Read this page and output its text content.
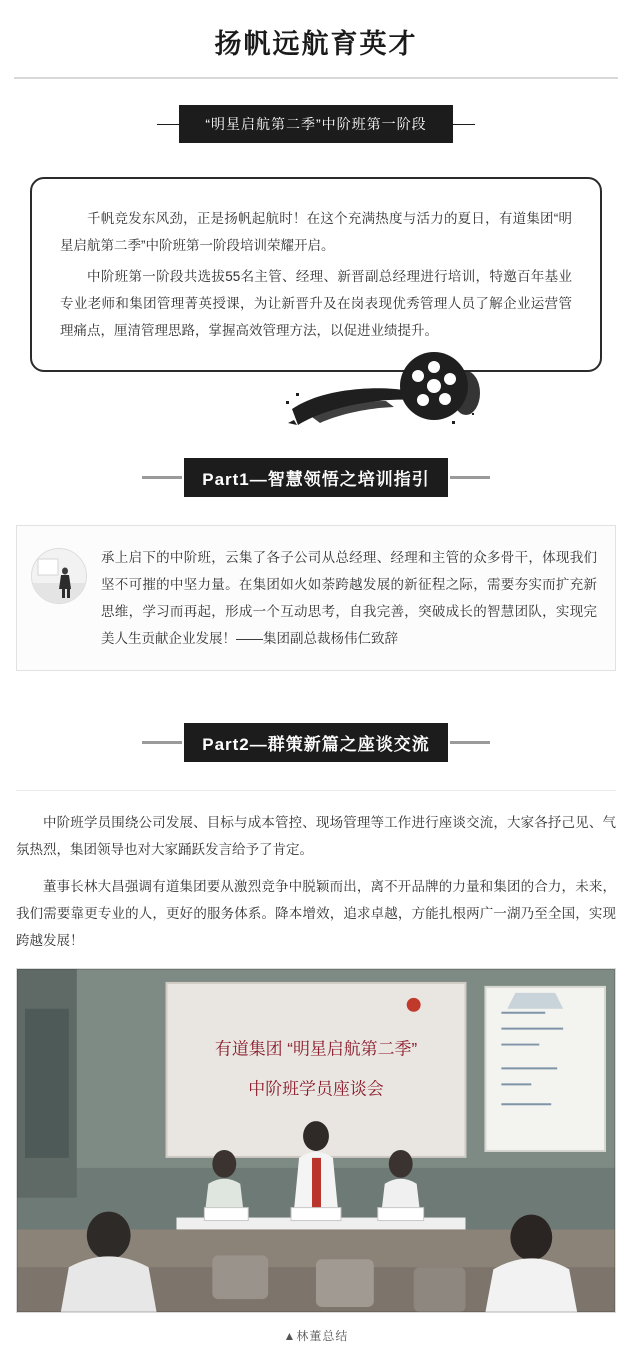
扬帆远航育英才
“明星启航第二季”中阶班第一阶段

千帆竞发东风劲，正是扬帆起航时！在这个充满热度与活力的夏日，有道集团“明星启航第二季”中阶班第一阶段培训荣耀开启。

中阶班第一阶段共选拔55名主管、经理、新晋副总经理进行培训，特邀百年基业专业老师和集团管理菁英授课，为让新晋升及在岗表现优秀管理人员了解企业运营管理痛点，厘清管理思路，掌握高效管理方法，以促进业绩提升。

Part1—智慧领悟之培训指引
承上启下的中阶班，云集了各子公司从总经理、经理和主管的众多骨干，体现我们坚不可摧的中坚力量。在集团如火如荼跨越发展的新征程之际，需要夯实而扩充新思维，学习而再起，形成一个互动思考，自我完善，突破成长的智慧团队，实现完美人生贡献企业发展！——集团副总裁杨伟仁致辞
Part2—群策新篇之座谈交流

中阶班学员围绕公司发展、目标与成本管控、现场管理等工作进行座谈交流，大家各抒己见、气氛热烈，集团领导也对大家踊跃发言给予了肯定。

董事长林大昌强调有道集团要从激烈竞争中脱颖而出，离不开品牌的力量和集团的合力，未来，我们需要靠更专业的人，更好的服务体系。降本增效，追求卓越，方能扎根两广一湖乃至全国，实现跨越发展！

有道集团 “明星启航第二季”
中阶班学员座谈会
▲林董总结
